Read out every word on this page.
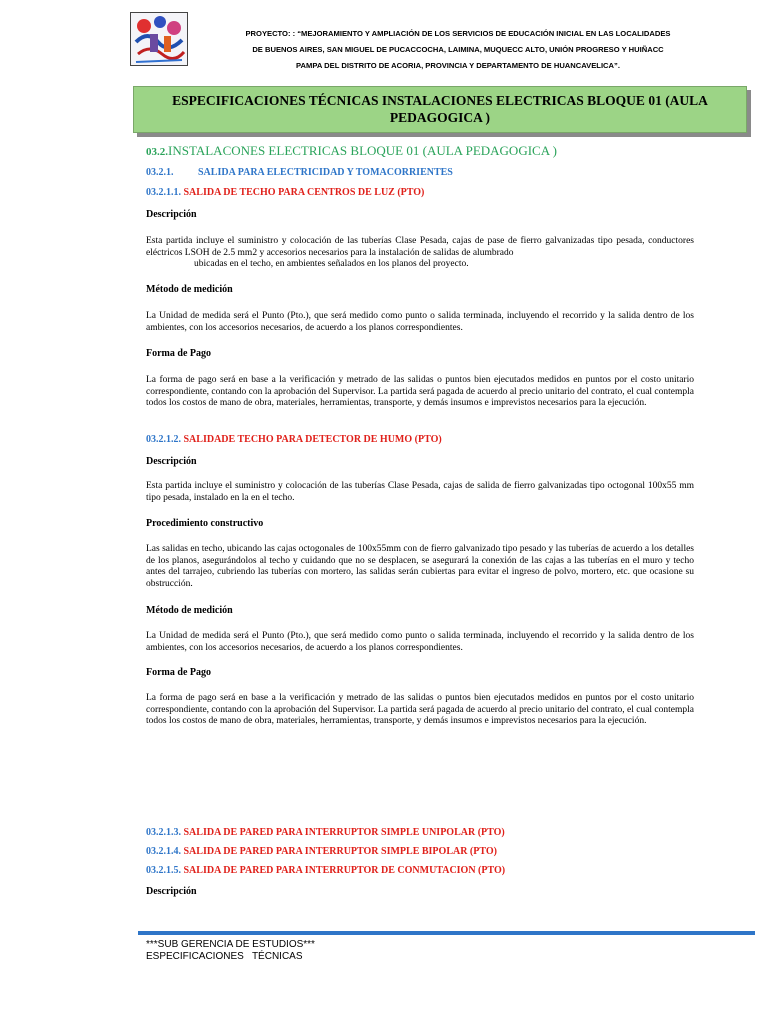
PROYECTO: : “MEJORAMIENTO Y AMPLIACIÓN DE LOS SERVICIOS DE EDUCACIÓN INICIAL EN LAS LOCALIDADES

DE BUENOS AIRES, SAN MIGUEL DE PUCACCOCHA, LAIMINA, MUQUECC ALTO, UNIÓN PROGRESO Y HUIÑACC

PAMPA DEL DISTRITO DE ACORIA, PROVINCIA Y DEPARTAMENTO DE HUANCAVELICA”.

ESPECIFICACIONES TÉCNICAS INSTALACIONES ELECTRICAS BLOQUE 01 (AULA PEDAGOGICA )
03.2.INSTALACONES ELECTRICAS BLOQUE 01 (AULA PEDAGOGICA )
03.2.1. SALIDA PARA ELECTRICIDAD Y TOMACORRIENTES
03.2.1.1. SALIDA DE TECHO PARA CENTROS DE LUZ (PTO)
Descripción

Esta partida incluye el suministro y colocación de las tuberías Clase Pesada, cajas de pase de fierro galvanizadas tipo pesada, conductores eléctricos LSOH de 2.5 mm2 y accesorios necesarios para la instalación de salidas de alumbrado

ubicadas en el techo, en ambientes señalados en los planos del proyecto.

Método de medición
La Unidad de medida será el Punto (Pto.), que será medido como punto o salida terminada, incluyendo el recorrido y la salida dentro de los ambientes, con los accesorios necesarios, de acuerdo a los planos correspondientes.
Forma de Pago
La forma de pago será en base a la verificación y metrado de las salidas o puntos bien ejecutados medidos en puntos por el costo unitario correspondiente, contando con la aprobación del Supervisor. La partida será pagada de acuerdo al precio unitario del contrato, el cual contempla todos los costos de mano de obra, materiales, herramientas, transporte, y demás insumos e imprevistos necesarios para la ejecución.
03.2.1.2. SALIDADE TECHO PARA DETECTOR DE HUMO (PTO)
Descripción
Esta partida incluye el suministro y colocación de las tuberías Clase Pesada, cajas de salida de fierro galvanizadas tipo octogonal 100x55 mm tipo pesada, instalado en la en el techo.
Procedimiento constructivo
Las salidas en techo, ubicando las cajas octogonales de 100x55mm con de fierro galvanizado tipo pesado y las tuberías de acuerdo a los detalles de los planos, asegurándolos al techo y cuidando que no se desplacen, se asegurará la conexión de las cajas a las tuberías en el muro y techo antes del tarrajeo, cubriendo las tuberías con mortero, las salidas serán cubiertas para evitar el ingreso de polvo, mortero, etc. que ocasione su obstrucción.
Método de medición
La Unidad de medida será el Punto (Pto.), que será medido como punto o salida terminada, incluyendo el recorrido y la salida dentro de los ambientes, con los accesorios necesarios, de acuerdo a los planos correspondientes.
Forma de Pago
La forma de pago será en base a la verificación y metrado de las salidas o puntos bien ejecutados medidos en puntos por el costo unitario correspondiente, contando con la aprobación del Supervisor. La partida será pagada de acuerdo al precio unitario del contrato, el cual contempla todos los costos de mano de obra, materiales, herramientas, transporte, y demás insumos e imprevistos necesarios para la ejecución.
03.2.1.3. SALIDA DE PARED PARA INTERRUPTOR SIMPLE UNIPOLAR (PTO)
03.2.1.4. SALIDA DE PARED PARA INTERRUPTOR SIMPLE BIPOLAR (PTO)
03.2.1.5. SALIDA DE PARED PARA INTERRUPTOR DE CONMUTACION (PTO)
Descripción

***SUB GERENCIA DE ESTUDIOS***

ESPECIFICACIONES   TÉCNICAS
